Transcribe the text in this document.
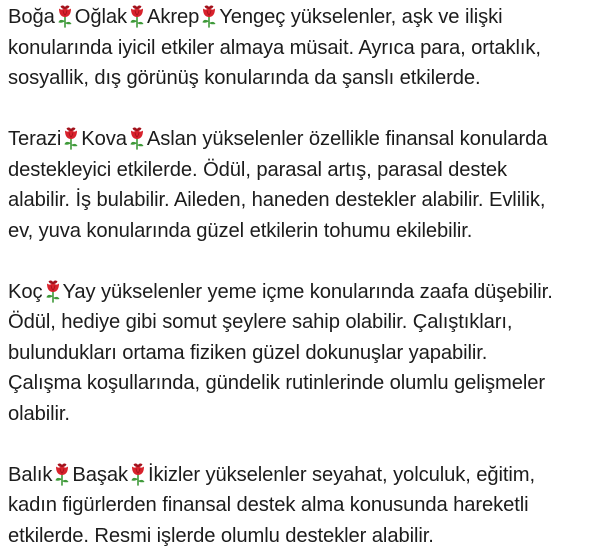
Boğa Oğlak Akrep Yengeç yükselenler, aşk ve ilişki
konularında iyicil etkiler almaya müsait. Ayrıca para, ortaklık,
sosyallik, dış görünüş konularında da şanslı etkilerde.
Terazi Kova Aslan yükselenler özellikle finansal konularda
destekleyici etkilerde. Ödül, parasal artış, parasal destek
alabilir. İş bulabilir. Aileden, haneden destekler alabilir. Evlilik,
ev, yuva konularında güzel etkilerin tohumu ekilebilir.
Koç Yay yükselenler yeme içme konularında zaafa düşebilir.
Ödül, hediye gibi somut şeylere sahip olabilir. Çalıştıkları,
bulundukları ortama fiziken güzel dokunuşlar yapabilir.
Çalışma koşullarında, gündelik rutinlerinde olumlu gelişmeler
olabilir.
Balık Başak İkizler yükselenler seyahat, yolculuk, eğitim,
kadın figürlerden finansal destek alma konusunda hareketli
etkilerde. Resmi işlerde olumlu destekler alabilir.
